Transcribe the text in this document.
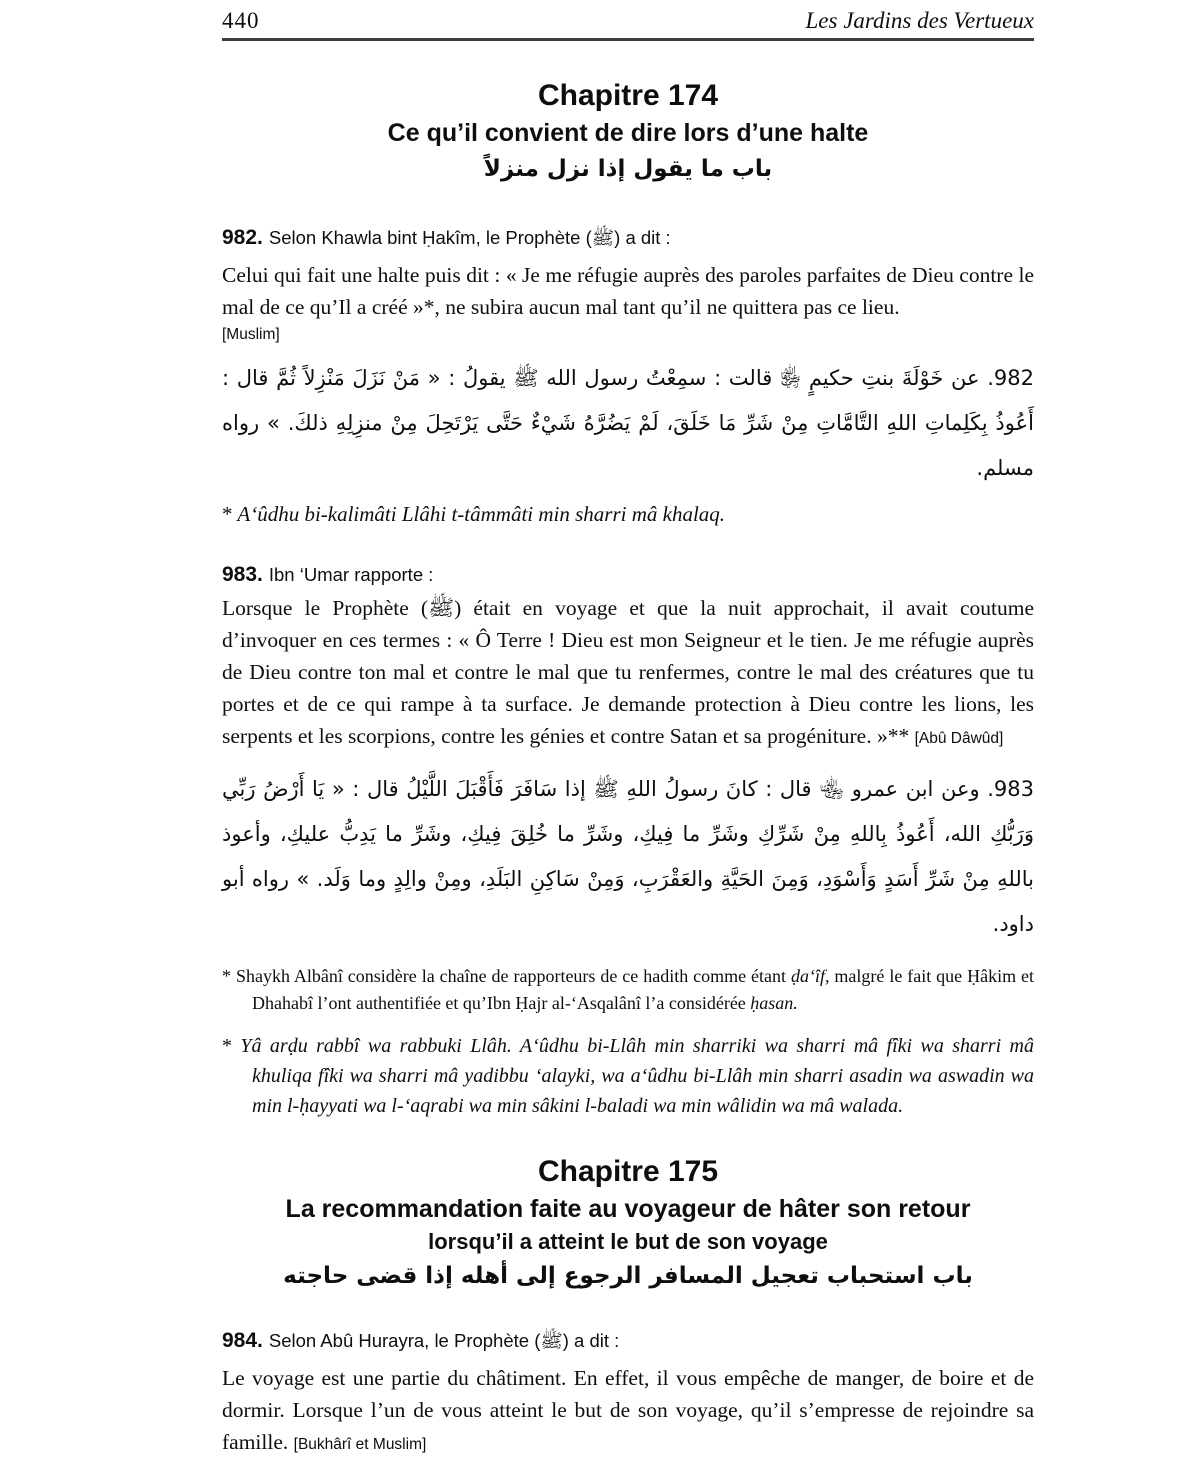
440	Les Jardins des Vertueux
Chapitre 174
Ce qu’il convient de dire lors d’une halte
باب ما يقول إذا نزل منزلاً

982. Selon Khawla bint Ḥakîm, le Prophète (ﷺ) a dit :

Celui qui fait une halte puis dit : « Je me réfugie auprès des paroles parfaites de Dieu contre le mal de ce qu’Il a créé »*, ne subira aucun mal tant qu’il ne quittera pas ce lieu.

[Muslim]

982. عن خَوْلَةَ بنتِ حكيمٍ ﵂ قالت : سمِعْتُ رسول الله ﷺ يقولُ : « مَنْ نَزَلَ مَنْزِلاً ثُمَّ قال : أَعُوذُ بِكَلِماتِ اللهِ التَّامَّاتِ مِنْ شَرِّ مَا خَلَقَ، لَمْ يَضُرَّهُ شَيْءٌ حَتَّى يَرْتَحِلَ مِنْ منزِلِهِ ذلكَ. » رواه مسلم.

* A‘ûdhu bi-kalimâti Llâhi t-tâmmâti min sharri mâ khalaq.

983. Ibn ‘Umar rapporte :

Lorsque le Prophète (ﷺ) était en voyage et que la nuit approchait, il avait coutume d’invoquer en ces termes : « Ô Terre ! Dieu est mon Seigneur et le tien. Je me réfugie auprès de Dieu contre ton mal et contre le mal que tu renfermes, contre le mal des créatures que tu portes et de ce qui rampe à ta surface. Je demande protection à Dieu contre les lions, les serpents et les scorpions, contre les génies et contre Satan et sa progéniture. »** [Abû Dâwûd]

983. وعن ابن عمرو ﵄ قال : كانَ رسولُ اللهِ ﷺ إذا سَافَرَ فَأَقْبَلَ اللَّيْلُ قال : « يَا أَرْضُ رَبِّي وَرَبُّكِ الله، أَعُوذُ بِاللهِ مِنْ شَرِّكِ وشَرِّ ما فِيكِ، وشَرِّ ما خُلِقَ فِيكِ، وشَرِّ ما يَدِبُّ عليكِ، وأعوذ باللهِ مِنْ شَرِّ أَسَدٍ وَأَسْوَدِ، وَمِنَ الحَيَّةِ والعَقْرَبِ، وَمِنْ سَاكِنِ البَلَدِ، ومِنْ والِدٍ وما وَلَد. » رواه أبو داود.

* Shaykh Albânî considère la chaîne de rapporteurs de ce hadith comme étant ḍa‘îf, malgré le fait que Ḥâkim et Dhahabî l’ont authentifiée et qu’Ibn Ḥajr al-‘Asqalânî l’a considérée ḥasan.

* Yâ arḍu rabbî wa rabbuki Llâh. A‘ûdhu bi-Llâh min sharriki wa sharri mâ fîki wa sharri mâ khuliqa fîki wa sharri mâ yadibbu ‘alayki, wa a‘ûdhu bi-Llâh min sharri asadin wa aswadin wa min l-ḥayyati wa l-‘aqrabi wa min sâkini l-baladi wa min wâlidin wa mâ walada.

Chapitre 175
La recommandation faite au voyageur de hâter son retour
lorsqu’il a atteint le but de son voyage
باب استحباب تعجيل المسافر الرجوع إلى أهله إذا قضى حاجته

984. Selon Abû Hurayra, le Prophète (ﷺ) a dit :

Le voyage est une partie du châtiment. En effet, il vous empêche de manger, de boire et de dormir. Lorsque l’un de vous atteint le but de son voyage, qu’il s’empresse de rejoindre sa famille. [Bukhârî et Muslim]
